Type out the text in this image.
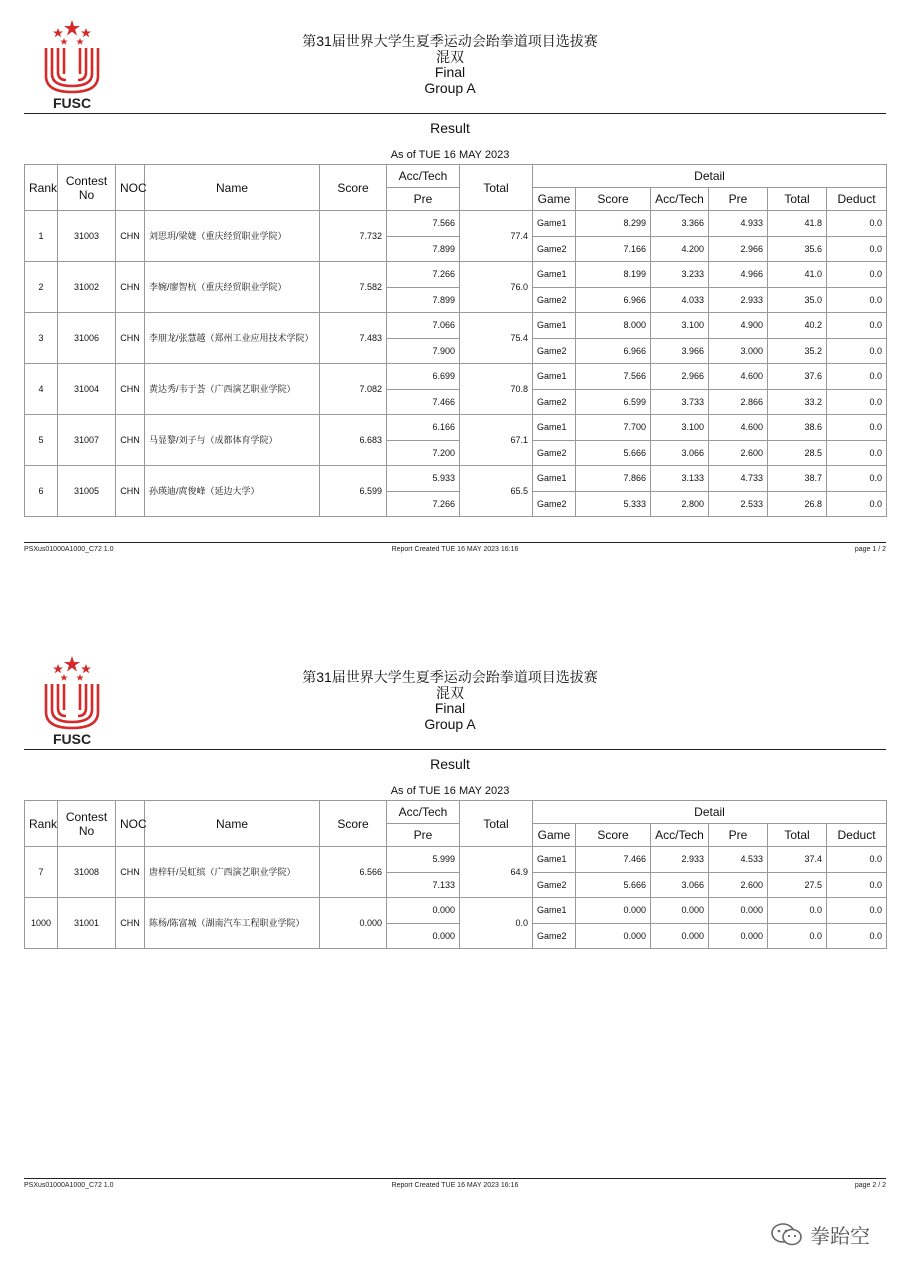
FUSC
第31届世界大学生夏季运动会跆拳道项目选拔赛
混双
Final
Group A
Result
As of TUE 16 MAY 2023
Rank	Contest No	NOC	Name	Score	Acc/Tech	Total	Detail					
					Pre		Game	Score	Acc/Tech	Pre	Total	Deduct
1	31003	CHN	刘思玥/梁婕（重庆经贸职业学院）	7.732	7.566	77.4	Game1	8.299	3.366	4.933	41.8	0.0
					7.899		Game2	7.166	4.200	2.966	35.6	0.0
2	31002	CHN	李婉/廖智杭（重庆经贸职业学院）	7.582	7.266	76.0	Game1	8.199	3.233	4.966	41.0	0.0
					7.899		Game2	6.966	4.033	2.933	35.0	0.0
3	31006	CHN	李朋龙/张慧越（郑州工业应用技术学院）	7.483	7.066	75.4	Game1	8.000	3.100	4.900	40.2	0.0
					7.900		Game2	6.966	3.966	3.000	35.2	0.0
4	31004	CHN	黄达秀/韦于荟（广西演艺职业学院）	7.082	6.699	70.8	Game1	7.566	2.966	4.600	37.6	0.0
					7.466		Game2	6.599	3.733	2.866	33.2	0.0
5	31007	CHN	马显黎/刘子与（成都体育学院）	6.683	6.166	67.1	Game1	7.700	3.100	4.600	38.6	0.0
					7.200		Game2	5.666	3.066	2.600	28.5	0.0
6	31005	CHN	孙瑛迪/庹俊峰（延边大学）	6.599	5.933	65.5	Game1	7.866	3.133	4.733	38.7	0.0
					7.266		Game2	5.333	2.800	2.533	26.8	0.0
PSXus01000A1000_C72 1.0	Report Created TUE 16 MAY 2023 16:16	page 1 / 2
FUSC
第31届世界大学生夏季运动会跆拳道项目选拔赛
混双
Final
Group A
Result
As of TUE 16 MAY 2023
Rank	Contest No	NOC	Name	Score	Acc/Tech	Total	Detail					
					Pre		Game	Score	Acc/Tech	Pre	Total	Deduct
7	31008	CHN	唐梓轩/吴虹缤（广西演艺职业学院）	6.566	5.999	64.9	Game1	7.466	2.933	4.533	37.4	0.0
					7.133		Game2	5.666	3.066	2.600	27.5	0.0
1000	31001	CHN	陈杨/陈富城（湖南汽车工程职业学院）	0.000	0.000	0.0	Game1	0.000	0.000	0.000	0.0	0.0
					0.000		Game2	0.000	0.000	0.000	0.0	0.0
PSXus01000A1000_C72 1.0	Report Created TUE 16 MAY 2023 16:16	page 2 / 2
拳跆空
